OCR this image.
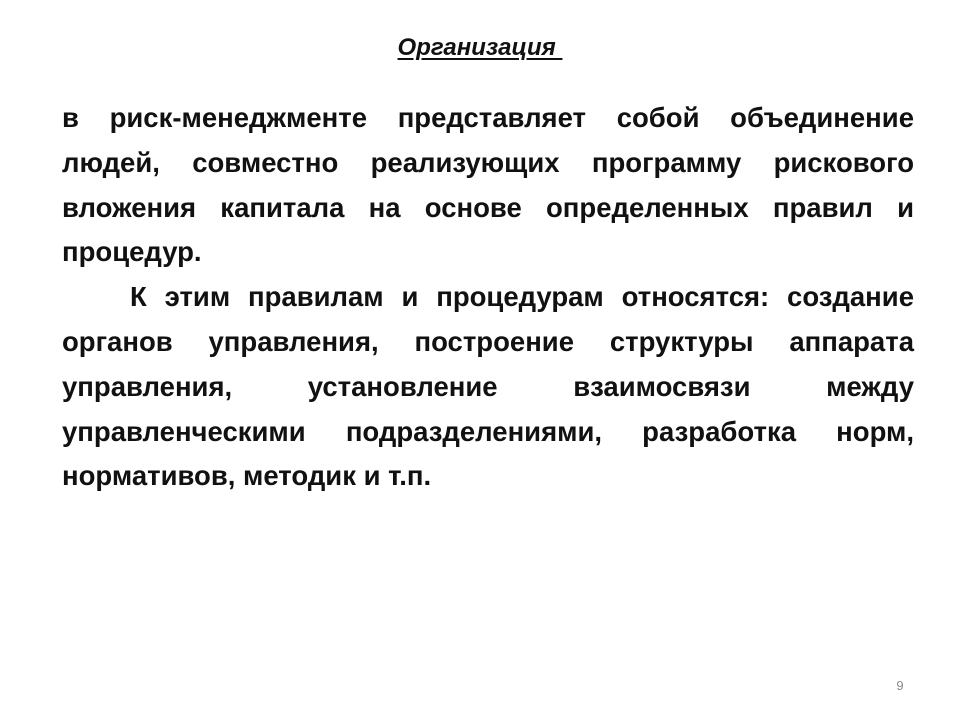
Организация

в риск-менеджменте представляет собой объединение людей, совместно реализующих программу рискового вложения капитала на основе определенных правил и процедур.

К этим правилам и процедурам относятся: создание органов управления, построение структуры аппарата управления, установление взаимосвязи между управленческими подразделениями, разработка норм, нормативов, методик и т.п.

9
